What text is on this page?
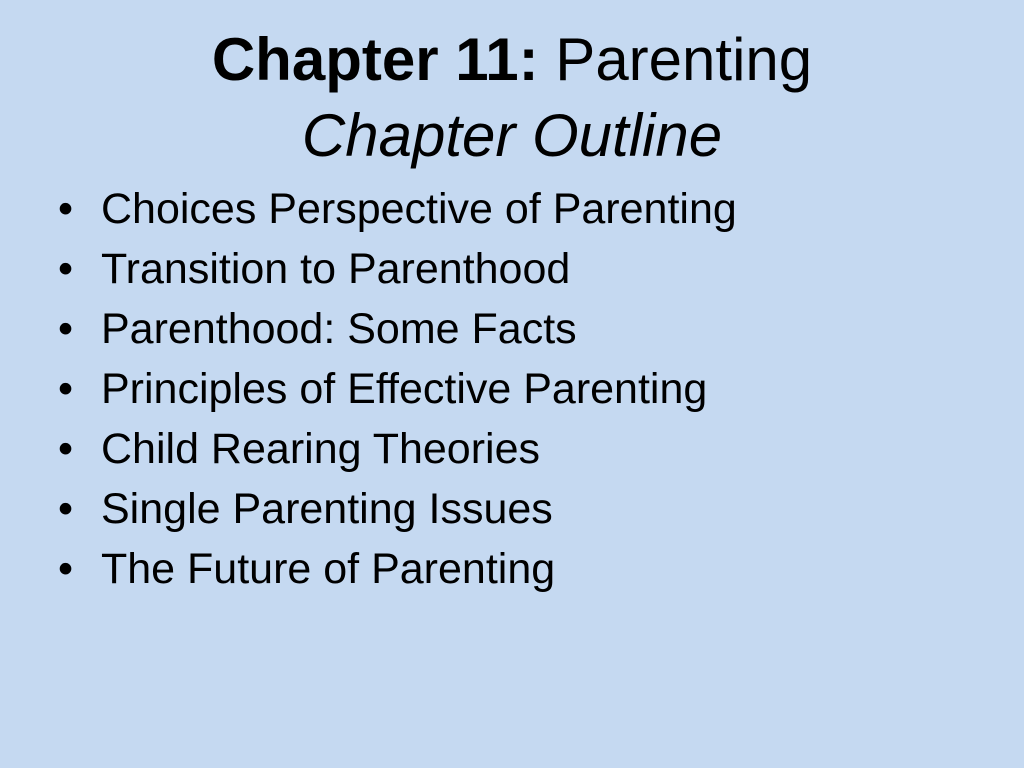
Chapter 11: Parenting
Chapter Outline
• Choices Perspective of Parenting
• Transition to Parenthood
• Parenthood: Some Facts
• Principles of Effective Parenting
• Child Rearing Theories
• Single Parenting Issues
• The Future of Parenting
